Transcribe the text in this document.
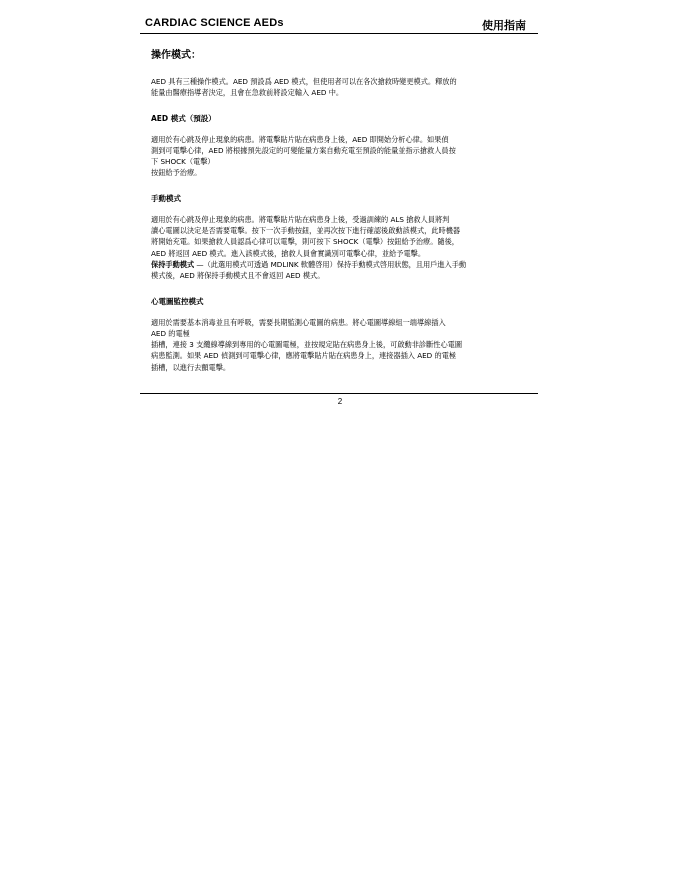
CARDIAC SCIENCE AEDs	使用指南
操作模式：

AED 具有三種操作模式。AED 預設爲 AED 模式，但使用者可以在各次搶救時變更模式。釋放的
能量由醫療指導者決定，且會在急救前將設定輸入 AED 中。

AED 模式（預設）

適用於有心跳及停止現象的病患。將電擊貼片貼在病患身上後，AED 即開始分析心律。如果偵
測到可電擊心律，AED 將根據預先設定的可變能量方案自動充電至預設的能量並指示搶救人員按
下 SHOCK（電擊）
按鈕給予治療。

手動模式

適用於有心跳及停止現象的病患。將電擊貼片貼在病患身上後，受過訓練的 ALS 搶救人員將判
讀心電圖以決定是否需要電擊。按下一次手動按鈕，並再次按下進行確認後啟動該模式，此時機器
將開始充電。如果搶救人員認爲心律可以電擊，則可按下 SHOCK（電擊）按鈕給予治療。隨後，
AED 將返回 AED 模式。進入該模式後，搶救人員會實識別可電擊心律，並給予電擊。
保持手動模式 —（此選用模式可透過 MDLINK 軟體啓用）保持手動模式啓用狀態，且用戶進入手動
模式後，AED 將保持手動模式且不會返回 AED 模式。

心電圖監控模式

適用於需要基本消毒並且有呼吸，需要長期監測心電圖的病患。將心電圖導線組一端導線插入
AED 的電極
插槽，連接 3 支纜線導線到專用的心電圖電極，並按規定貼在病患身上後，可啟動非診斷性心電圖
病患監測。如果 AED 偵測到可電擊心律，應將電擊貼片貼在病患身上，連接器插入 AED 的電極
插槽，以進行去顫電擊。

2
